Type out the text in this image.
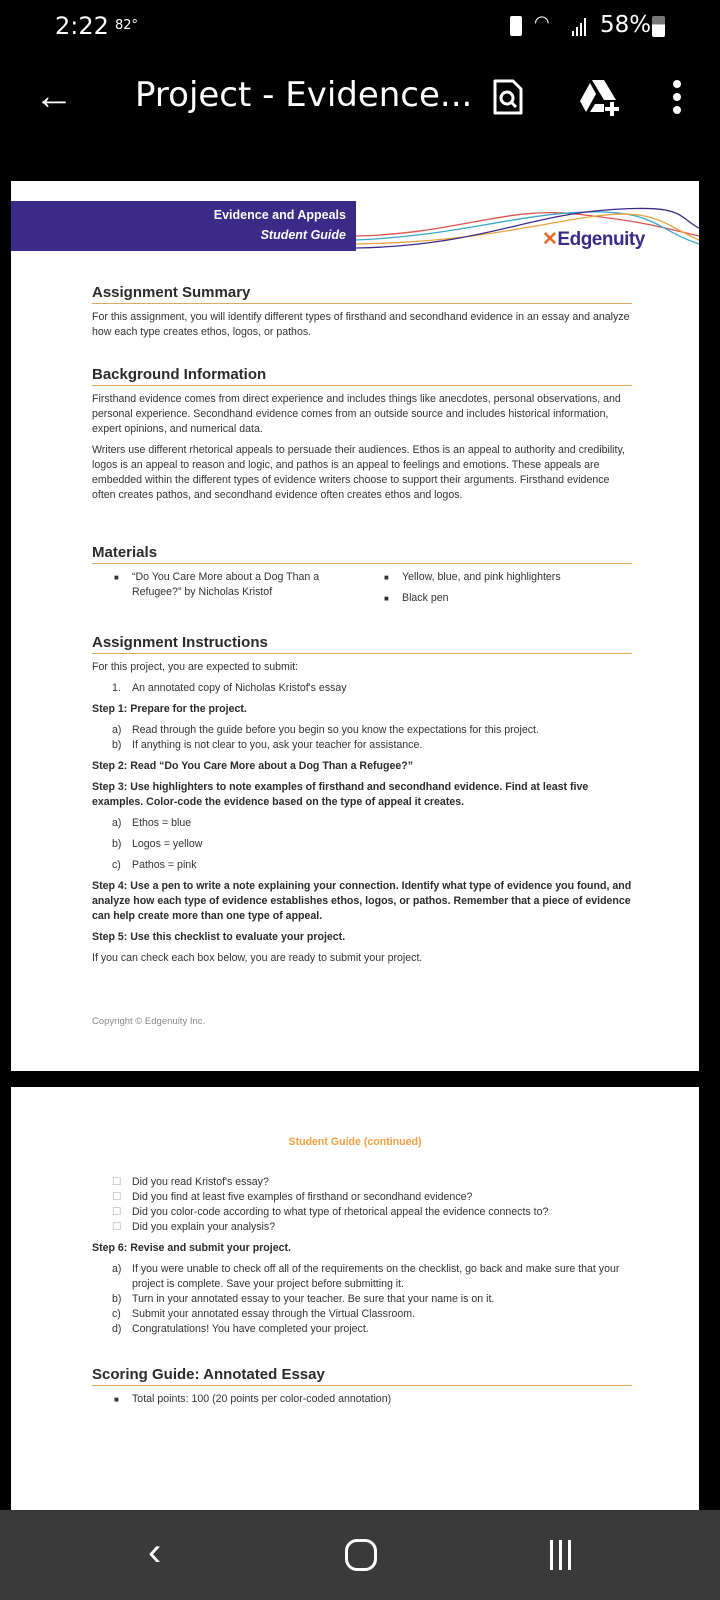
2:22 82°	◠ 58%
← Project - Evidence...
Evidence and Appeals
Student Guide	✕Edgenuity
Assignment Summary
For this assignment, you will identify different types of firsthand and secondhand evidence in an essay and analyze how each type creates ethos, logos, or pathos.
Background Information
Firsthand evidence comes from direct experience and includes things like anecdotes, personal observations, and personal experience. Secondhand evidence comes from an outside source and includes historical information, expert opinions, and numerical data.
Writers use different rhetorical appeals to persuade their audiences. Ethos is an appeal to authority and credibility, logos is an appeal to reason and logic, and pathos is an appeal to feelings and emotions. These appeals are embedded within the different types of evidence writers choose to support their arguments. Firsthand evidence often creates pathos, and secondhand evidence often creates ethos and logos.
Materials
■ “Do You Care More about a Dog Than a Refugee?” by Nicholas Kristof
■ Yellow, blue, and pink highlighters
■ Black pen
Assignment Instructions
For this project, you are expected to submit:
1. An annotated copy of Nicholas Kristof's essay
Step 1: Prepare for the project.
a) Read through the guide before you begin so you know the expectations for this project.
b) If anything is not clear to you, ask your teacher for assistance.
Step 2: Read “Do You Care More about a Dog Than a Refugee?”
Step 3: Use highlighters to note examples of firsthand and secondhand evidence. Find at least five examples. Color-code the evidence based on the type of appeal it creates.
a) Ethos = blue
b) Logos = yellow
c) Pathos = pink
Step 4: Use a pen to write a note explaining your connection. Identify what type of evidence you found, and analyze how each type of evidence establishes ethos, logos, or pathos. Remember that a piece of evidence can help create more than one type of appeal.
Step 5: Use this checklist to evaluate your project.
If you can check each box below, you are ready to submit your project.
Copyright © Edgenuity Inc.
Student Guide (continued)
☐ Did you read Kristof's essay?
☐ Did you find at least five examples of firsthand or secondhand evidence?
☐ Did you color-code according to what type of rhetorical appeal the evidence connects to?
☐ Did you explain your analysis?
Step 6: Revise and submit your project.
a) If you were unable to check off all of the requirements on the checklist, go back and make sure that your project is complete. Save your project before submitting it.
b) Turn in your annotated essay to your teacher. Be sure that your name is on it.
c) Submit your annotated essay through the Virtual Classroom.
d) Congratulations! You have completed your project.
Scoring Guide: Annotated Essay
■ Total points: 100 (20 points per color-coded annotation)
‹
